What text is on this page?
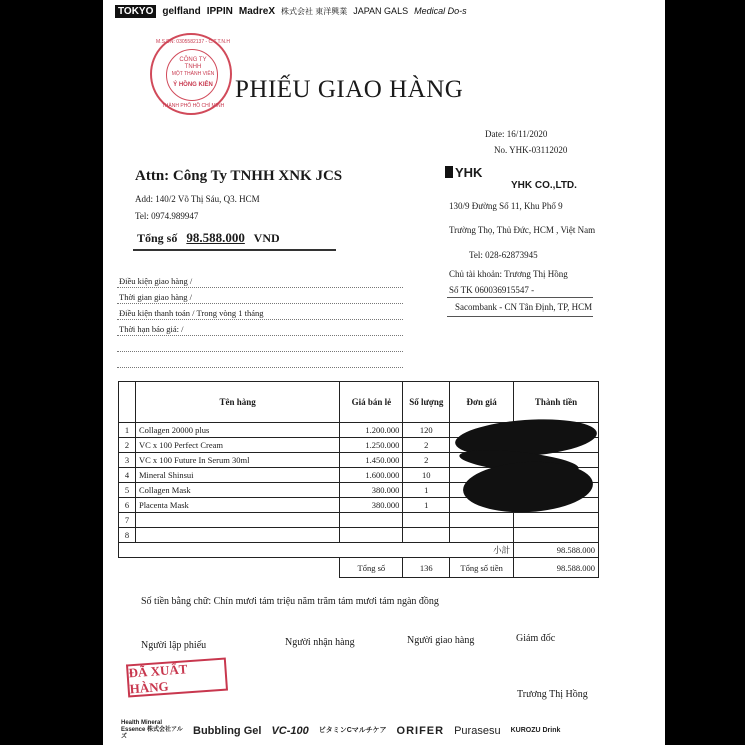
TOKYO gelfland IPPIN MadreX 株式会社 東洋興業 JAPAN GALS Medical Do-s
M.S.DN: 0305582137 - C.T.T.N.H
CÔNG TY
TNHH
MỘT THÀNH VIÊN
Ý HỒNG KIÊN
THÀNH PHỐ HỒ CHÍ MINH
PHIẾU GIAO HÀNG
Date: 16/11/2020
No. YHK-03112020
Attn: Công Ty TNHH XNK JCS
Add: 140/2 Võ Thị Sáu, Q3. HCM
Tel: 0974.989947
Tổng số 98.588.000 VND
YHK
YHK CO.,LTD.
130/9 Đường Số 11, Khu Phố 9
Trường Thọ, Thủ Đức, HCM , Việt Nam
Tel: 028-62873945
Chủ tài khoản: Trương Thị Hồng
Số TK 060036915547 -
Sacombank - CN Tân Định, TP, HCM
Điều kiện giao hàng /
Thời gian giao hàng /
Điều kiện thanh toán / Trong vòng 1 tháng
Thời hạn báo giá: /
	Tên hàng	Giá bán lẻ	Số lượng	Đơn giá	Thành tiền
1	Collagen 20000 plus	1.200.000	120		
2	VC x 100 Perfect Cream	1.250.000	2		
3	VC x 100 Future In Serum 30ml	1.450.000	2		
4	Mineral Shinsui	1.600.000	10		
5	Collagen Mask	380.000	1		
6	Placenta Mask	380.000	1		
7					
8					
小計					98.588.000
		Tổng số	136	Tổng số tiền	98.588.000
Số tiền bằng chữ: Chín mươi tám triệu năm trăm tám mươi tám ngàn đồng
Người lập phiếu	Người nhận hàng	Người giao hàng	Giám đốc
ĐÃ XUẤT HÀNG	Trương Thị Hồng
Health Mineral Essence 株式会社アルズ
Bubbling Gel VC-100 ビタミンCマルチケア ORIFER Purasesu KUROZU Drink
